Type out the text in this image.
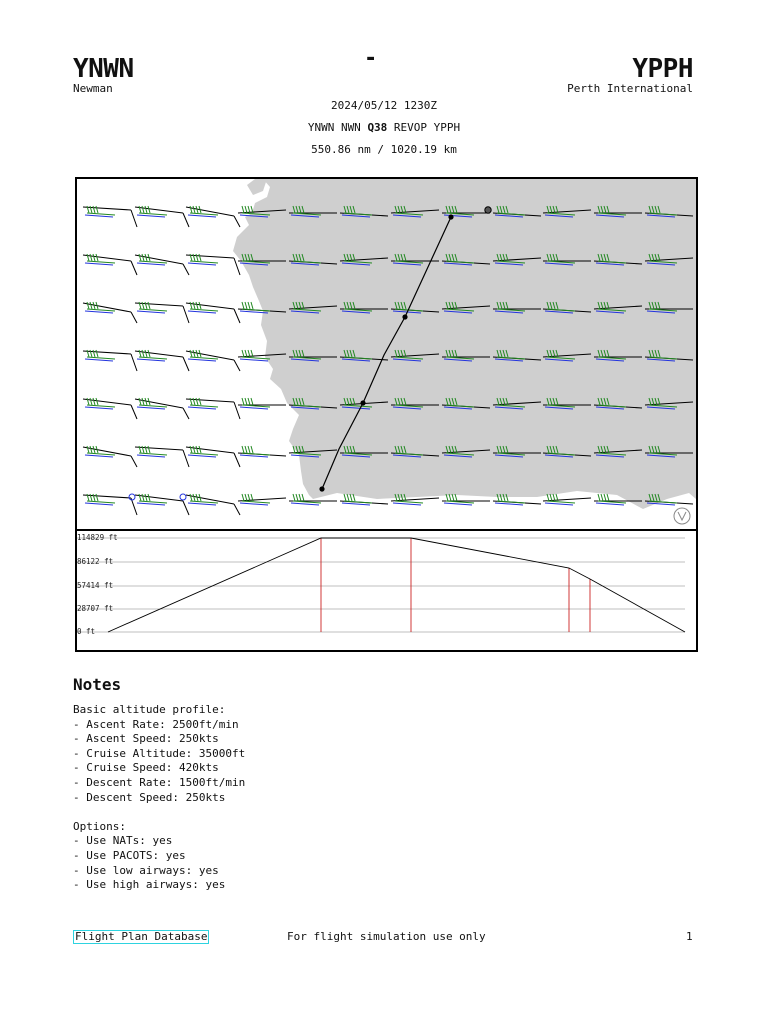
YNWN
Newman
-	YPPH
Perth International
2024/05/12 1230Z
YNWN NWN Q38 REVOP YPPH
550.86 nm / 1020.19 km
114829 ft
86122 ft
57414 ft
28707 ft
0 ft
Notes
Basic altitude profile:
- Ascent Rate: 2500ft/min
- Ascent Speed: 250kts
- Cruise Altitude: 35000ft
- Cruise Speed: 420kts
- Descent Rate: 1500ft/min
- Descent Speed: 250kts
Options:
- Use NATs: yes
- Use PACOTS: yes
- Use low airways: yes
- Use high airways: yes
Flight Plan Database	For flight simulation use only	1
